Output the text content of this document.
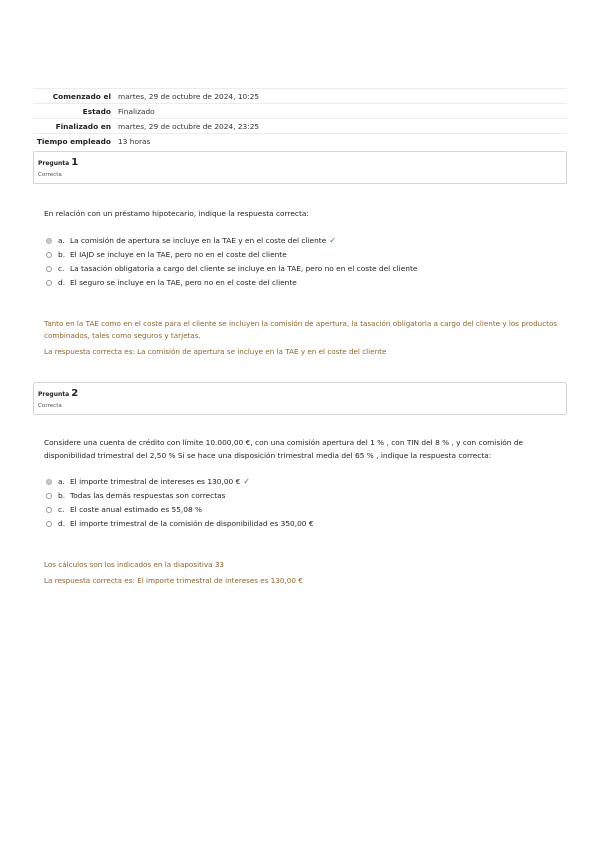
Comenzado el	martes, 29 de octubre de 2024, 10:25
Estado	Finalizado
Finalizado en	martes, 29 de octubre de 2024, 23:25
Tiempo empleado	13 horas
Pregunta 1
Correcta
En relación con un préstamo hipotecario, indique la respuesta correcta:
a. La comisión de apertura se incluye en la TAE y en el coste del cliente ✓
b. El IAJD se incluye en la TAE, pero no en el coste del cliente
c. La tasación obligatoria a cargo del cliente se incluye en la TAE, pero no en el coste del cliente
d. El seguro se incluye en la TAE, pero no en el coste del cliente
Tanto en la TAE como en el coste para el cliente se incluyen la comisión de apertura, la tasación obligatoria a cargo del cliente y los productos combinados, tales como seguros y tarjetas.
La respuesta correcta es: La comisión de apertura se incluye en la TAE y en el coste del cliente
Pregunta 2
Correcta
Considere una cuenta de crédito con límite 10.000,00 €, con una comisión apertura del 1 % , con TIN del 8 % , y con comisión de disponibilidad trimestral del 2,50 % Si se hace una disposición trimestral media del 65 % , indique la respuesta correcta:
a. El importe trimestral de intereses es 130,00 € ✓
b. Todas las demás respuestas son correctas
c. El coste anual estimado es 55,08 %
d. El importe trimestral de la comisión de disponibilidad es 350,00 €
Los cálculos son los indicados en la diapositiva 33
La respuesta correcta es: El importe trimestral de intereses es 130,00 €
